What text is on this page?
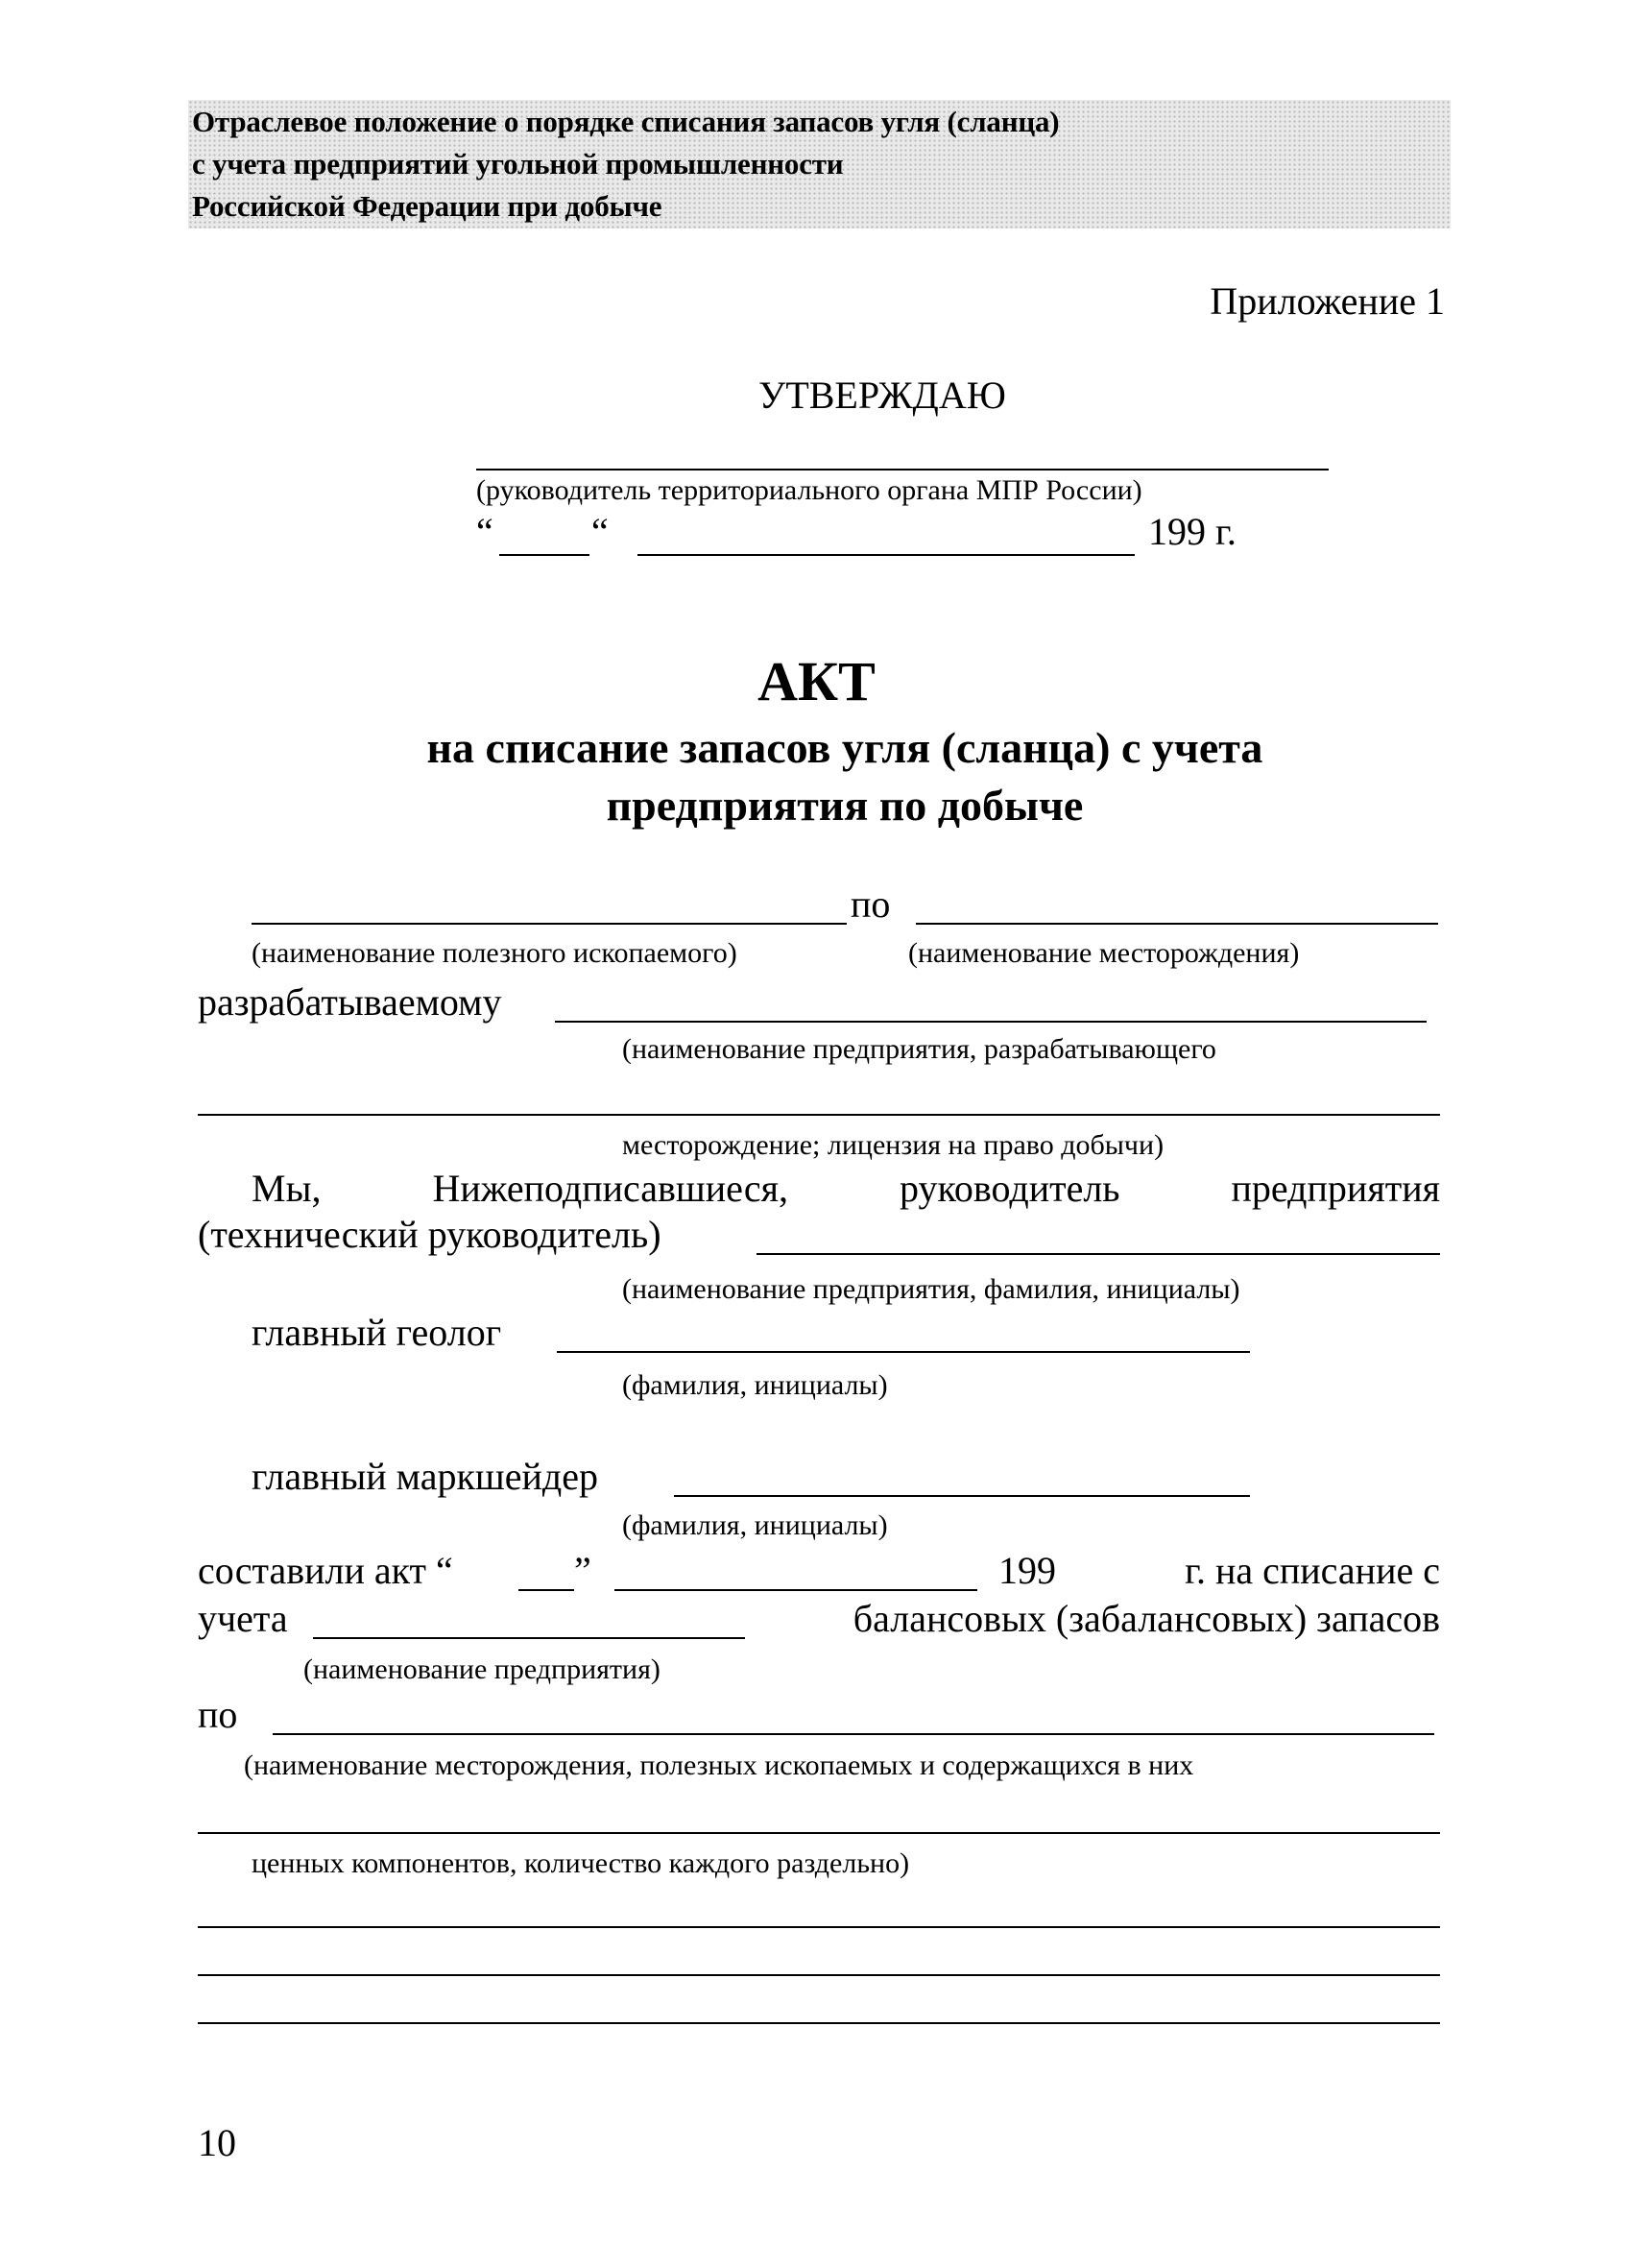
Отраслевое положение о порядке списания запасов угля (сланца)
с учета предприятий угольной промышленности
Российской Федерации при добыче
Приложение 1
УТВЕРЖДАЮ
(руководитель территориального органа МПР России)
“	“	199 г.
АКТ
на списание запасов угля (сланца) с учета
предприятия по добыче
по
(наименование полезного ископаемого)	(наименование месторождения)
разрабатываемому
(наименование предприятия, разрабатывающего
месторождение; лицензия на право добычи)
Мы,	Нижеподписавшиеся,	руководитель	предприятия
(технический руководитель)
(наименование предприятия, фамилия, инициалы)
главный геолог
(фамилия, инициалы)
главный маркшейдер
(фамилия, инициалы)
составили акт “	”	199	г. на списание с
учета	балансовых (забалансовых) запасов
(наименование предприятия)
по
(наименование месторождения, полезных ископаемых и содержащихся в них
ценных компонентов, количество каждого раздельно)
10
